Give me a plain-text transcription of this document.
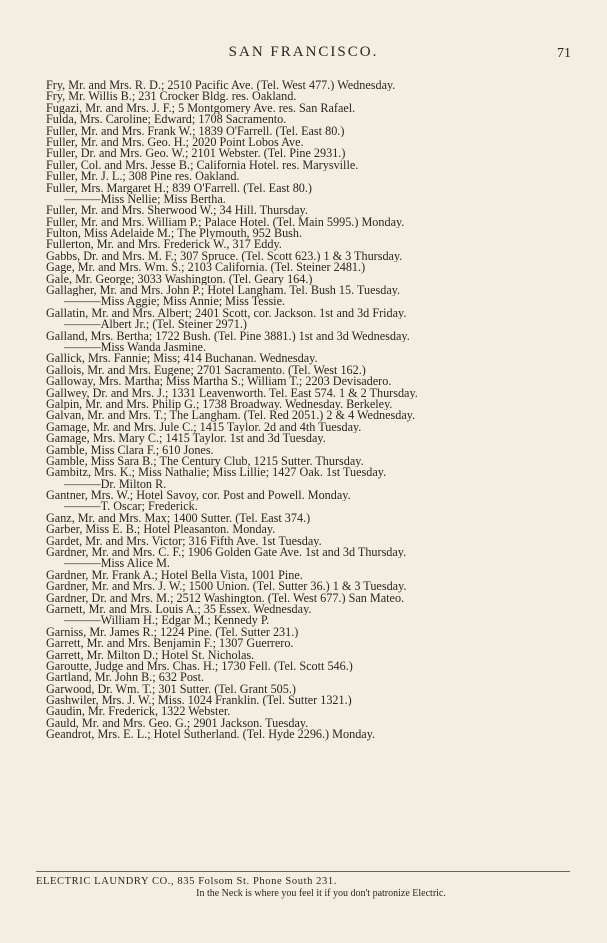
SAN FRANCISCO.	71
Fry, Mr. and Mrs. R. D.; 2510 Pacific Ave. (Tel. West 477.) Wednesday.
Fry, Mr. Willis B.; 231 Crocker Bldg. res. Oakland.
Fugazi, Mr. and Mrs. J. F.; 5 Montgomery Ave. res. San Rafael.
Fulda, Mrs. Caroline; Edward; 1708 Sacramento.
Fuller, Mr. and Mrs. Frank W.; 1839 O'Farrell. (Tel. East 80.)
Fuller, Mr. and Mrs. Geo. H.; 2020 Point Lobos Ave.
Fuller, Dr. and Mrs. Geo. W.; 2101 Webster. (Tel. Pine 2931.)
Fuller, Col. and Mrs. Jesse B.; California Hotel. res. Marysville.
Fuller, Mr. J. L.; 308 Pine res. Oakland.
Fuller, Mrs. Margaret H.; 839 O'Farrell. (Tel. East 80.)
———Miss Nellie; Miss Bertha.
Fuller, Mr. and Mrs. Sherwood W.; 34 Hill. Thursday.
Fuller, Mr. and Mrs. William P.; Palace Hotel. (Tel. Main 5995.) Monday.
Fulton, Miss Adelaide M.; The Plymouth, 952 Bush.
Fullerton, Mr. and Mrs. Frederick W., 317 Eddy.
Gabbs, Dr. and Mrs. M. F.; 307 Spruce. (Tel. Scott 623.) 1 & 3 Thursday.
Gage, Mr. and Mrs. Wm. S.; 2103 California. (Tel. Steiner 2481.)
Gale, Mr. George; 3033 Washington. (Tel. Geary 164.)
Gallagher, Mr. and Mrs. John P.; Hotel Langham. Tel. Bush 15. Tuesday.
———Miss Aggie; Miss Annie; Miss Tessie.
Gallatin, Mr. and Mrs. Albert; 2401 Scott, cor. Jackson. 1st and 3d Friday.
———Albert Jr.; (Tel. Steiner 2971.)
Galland, Mrs. Bertha; 1722 Bush. (Tel. Pine 3881.) 1st and 3d Wednesday.
———Miss Wanda Jasmine.
Gallick, Mrs. Fannie; Miss; 414 Buchanan. Wednesday.
Gallois, Mr. and Mrs. Eugene; 2701 Sacramento. (Tel. West 162.)
Galloway, Mrs. Martha; Miss Martha S.; William T.; 2203 Devisadero.
Gallwey, Dr. and Mrs. J.; 1331 Leavenworth. Tel. East 574. 1 & 2 Thursday.
Galpin, Mr. and Mrs. Philip G.; 1738 Broadway. Wednesday. Berkeley.
Galvan, Mr. and Mrs. T.; The Langham. (Tel. Red 2051.) 2 & 4 Wednesday.
Gamage, Mr. and Mrs. Jule C.; 1415 Taylor. 2d and 4th Tuesday.
Gamage, Mrs. Mary C.; 1415 Taylor. 1st and 3d Tuesday.
Gamble, Miss Clara F.; 610 Jones.
Gamble, Miss Sara B.; The Century Club, 1215 Sutter. Thursday.
Gambitz, Mrs. K.; Miss Nathalie; Miss Lillie; 1427 Oak. 1st Tuesday.
———Dr. Milton R.
Gantner, Mrs. W.; Hotel Savoy, cor. Post and Powell. Monday.
———T. Oscar; Frederick.
Ganz, Mr. and Mrs. Max; 1400 Sutter. (Tel. East 374.)
Garber, Miss E. B.; Hotel Pleasanton. Monday.
Gardet, Mr. and Mrs. Victor; 316 Fifth Ave. 1st Tuesday.
Gardner, Mr. and Mrs. C. F.; 1906 Golden Gate Ave. 1st and 3d Thursday.
———Miss Alice M.
Gardner, Mr. Frank A.; Hotel Bella Vista, 1001 Pine.
Gardner, Mr. and Mrs. J. W.; 1500 Union. (Tel. Sutter 36.) 1 & 3 Tuesday.
Gardner, Dr. and Mrs. M.; 2512 Washington. (Tel. West 677.) San Mateo.
Garnett, Mr. and Mrs. Louis A.; 35 Essex. Wednesday.
———William H.; Edgar M.; Kennedy P.
Garniss, Mr. James R.; 1224 Pine. (Tel. Sutter 231.)
Garrett, Mr. and Mrs. Benjamin F.; 1307 Guerrero.
Garrett, Mr. Milton D.; Hotel St. Nicholas.
Garoutte, Judge and Mrs. Chas. H.; 1730 Fell. (Tel. Scott 546.)
Gartland, Mr. John B.; 632 Post.
Garwood, Dr. Wm. T.; 301 Sutter. (Tel. Grant 505.)
Gashwiler, Mrs. J. W.; Miss. 1024 Franklin. (Tel. Sutter 1321.)
Gaudin, Mr. Frederick, 1322 Webster.
Gauld, Mr. and Mrs. Geo. G.; 2901 Jackson. Tuesday.
Geandrot, Mrs. E. L.; Hotel Sutherland. (Tel. Hyde 2296.) Monday.
ELECTRIC LAUNDRY CO., 835 Folsom St. Phone South 231.
In the Neck is where you feel it if you don't patronize Electric.
